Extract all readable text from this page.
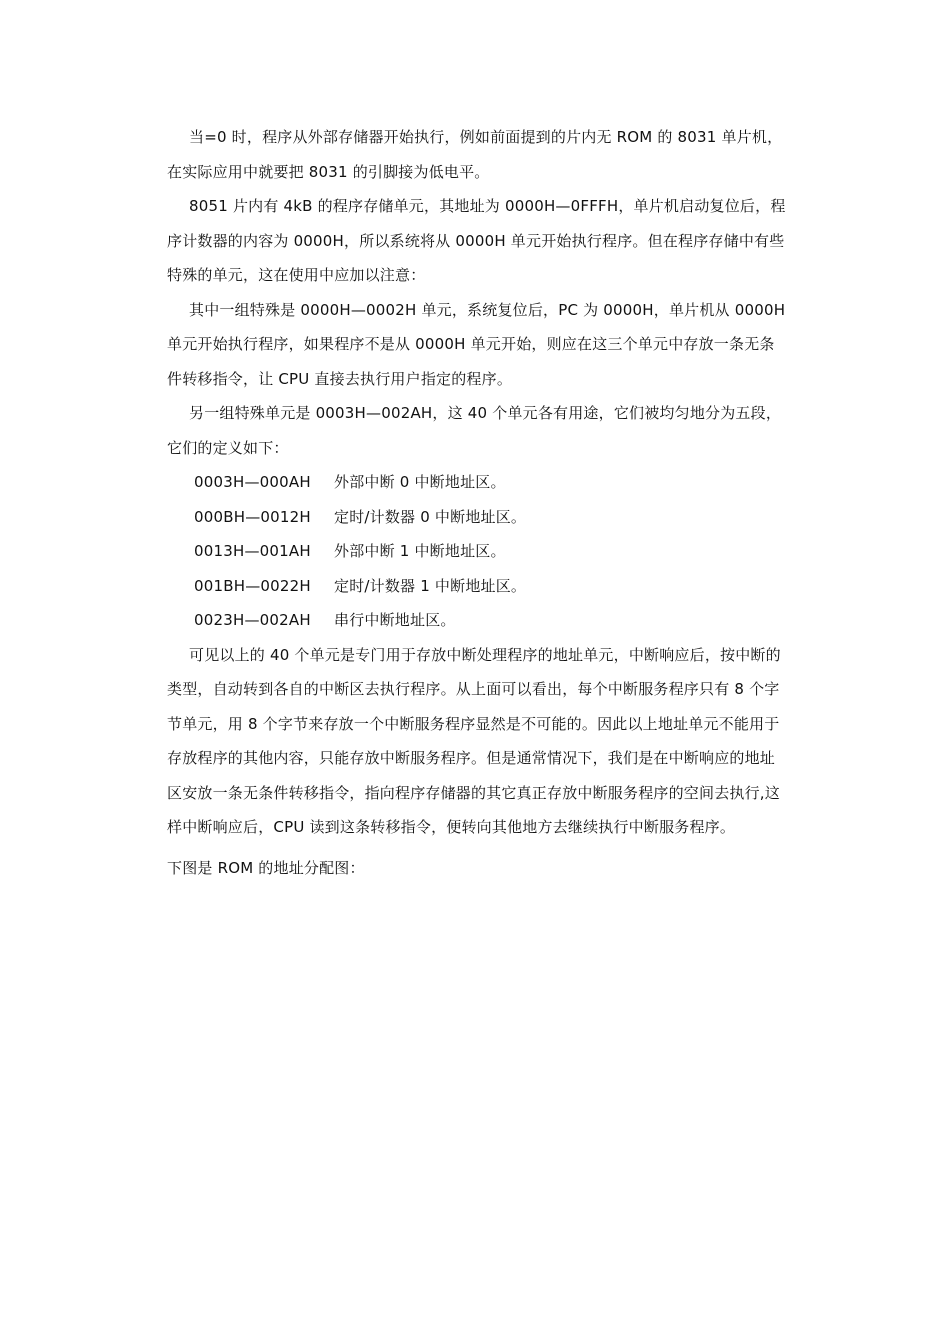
当=0 时，程序从外部存储器开始执行，例如前面提到的片内无 ROM 的 8031 单片机，在实际应用中就要把 8031 的引脚接为低电平。

8051 片内有 4kB 的程序存储单元，其地址为 0000H—0FFFH，单片机启动复位后，程序计数器的内容为 0000H，所以系统将从 0000H 单元开始执行程序。但在程序存储中有些特殊的单元，这在使用中应加以注意：

其中一组特殊是 0000H—0002H 单元，系统复位后，PC 为 0000H，单片机从 0000H 单元开始执行程序，如果程序不是从 0000H 单元开始，则应在这三个单元中存放一条无条件转移指令，让 CPU 直接去执行用户指定的程序。

另一组特殊单元是 0003H—002AH，这 40 个单元各有用途，它们被均匀地分为五段，它们的定义如下：

0003H—000AH	外部中断 0 中断地址区。
000BH—0012H	定时/计数器 0 中断地址区。
0013H—001AH	外部中断 1 中断地址区。
001BH—0022H	定时/计数器 1 中断地址区。
0023H—002AH	串行中断地址区。

可见以上的 40 个单元是专门用于存放中断处理程序的地址单元，中断响应后，按中断的类型，自动转到各自的中断区去执行程序。从上面可以看出，每个中断服务程序只有 8 个字节单元，用 8 个字节来存放一个中断服务程序显然是不可能的。因此以上地址单元不能用于存放程序的其他内容，只能存放中断服务程序。但是通常情况下，我们是在中断响应的地址区安放一条无条件转移指令，指向程序存储器的其它真正存放中断服务程序的空间去执行,这样中断响应后，CPU 读到这条转移指令，便转向其他地方去继续执行中断服务程序。

下图是 ROM 的地址分配图：
